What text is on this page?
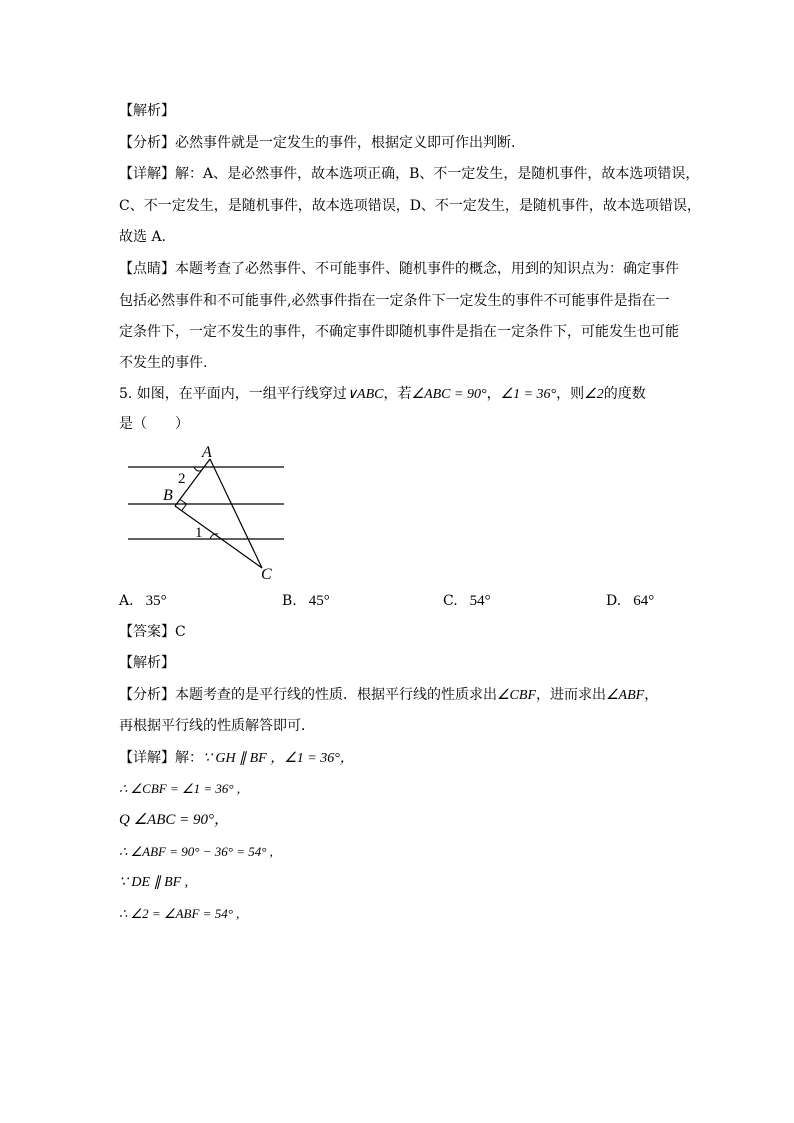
【解析】
【分析】必然事件就是一定发生的事件，根据定义即可作出判断.
【详解】解：A、是必然事件，故本选项正确，B、不一定发生，是随机事件，故本选项错误，
C、不一定发生，是随机事件，故本选项错误，D、不一定发生，是随机事件，故本选项错误，
故选 A.
【点睛】本题考查了必然事件、不可能事件、随机事件的概念，用到的知识点为：确定事件
包括必然事件和不可能事件,必然事件指在一定条件下一定发生的事件不可能事件是指在一
定条件下，一定不发生的事件，不确定事件即随机事件是指在一定条件下，可能发生也可能
不发生的事件.
5. 如图，在平面内，一组平行线穿过∨ABC，若∠ABC = 90°，∠1 = 36°，则∠2的度数
是（　　）
A
B
C
2
1
A. 35°	B. 45°	C. 54°	D. 64°
【答案】C
【解析】
【分析】本题考查的是平行线的性质．根据平行线的性质求出∠CBF，进而求出∠ABF，
再根据平行线的性质解答即可．
【详解】解：∵ GH ∥ BF ，∠1 = 36°，
∴ ∠CBF = ∠1 = 36° ,
Q ∠ABC = 90°，
∴ ∠ABF = 90° − 36° = 54° ,
∵ DE ∥ BF ,
∴ ∠2 = ∠ABF = 54° ,
